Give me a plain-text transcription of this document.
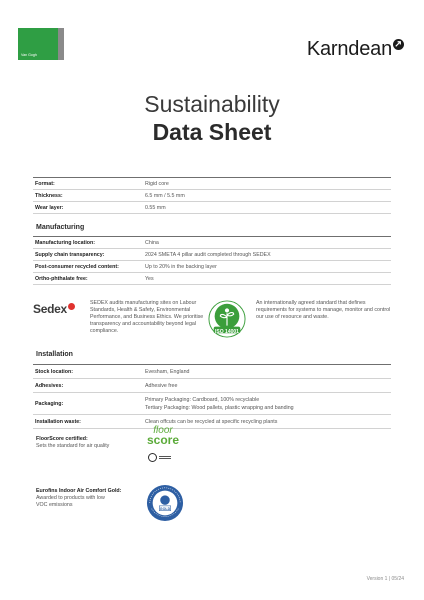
Van Gogh	Karndean
Sustainability
Data Sheet
Format:	Rigid core
Thickness:	6.5 mm / 5.5 mm
Wear layer:	0.55 mm
Manufacturing
Manufacturing location:	China
Supply chain transparency:	2024 SMETA 4 pillar audit completed through SEDEX
Post-consumer recycled content:	Up to 20% in the backing layer
Ortho-phthalate free:	Yes
Sedex	SEDEX audits manufacturing sites on Labour Standards, Health & Safety, Environmental Performance, and Business Ethics. We prioritise transparency and accountability beyond legal compliance.	ISO 14001
An internationally agreed standard that defines requirements for systems to manage, monitor and control our use of resource and waste.
Installation
Stock location:	Evesham, England
Adhesives:	Adhesive free
Packaging:
Primary Packaging: Cardboard, 100% recyclable
Tertiary Packaging: Wood pallets, plastic wrapping and banding
Installation waste:	Clean offcuts can be recycled at specific recycling plants
FloorScore certified:
Sets the standard for air quality
floor
score
Eurofins Indoor Air Comfort Gold:
Awarded to products with low VOC emissions
GOLD
Version 1 | 05/24
